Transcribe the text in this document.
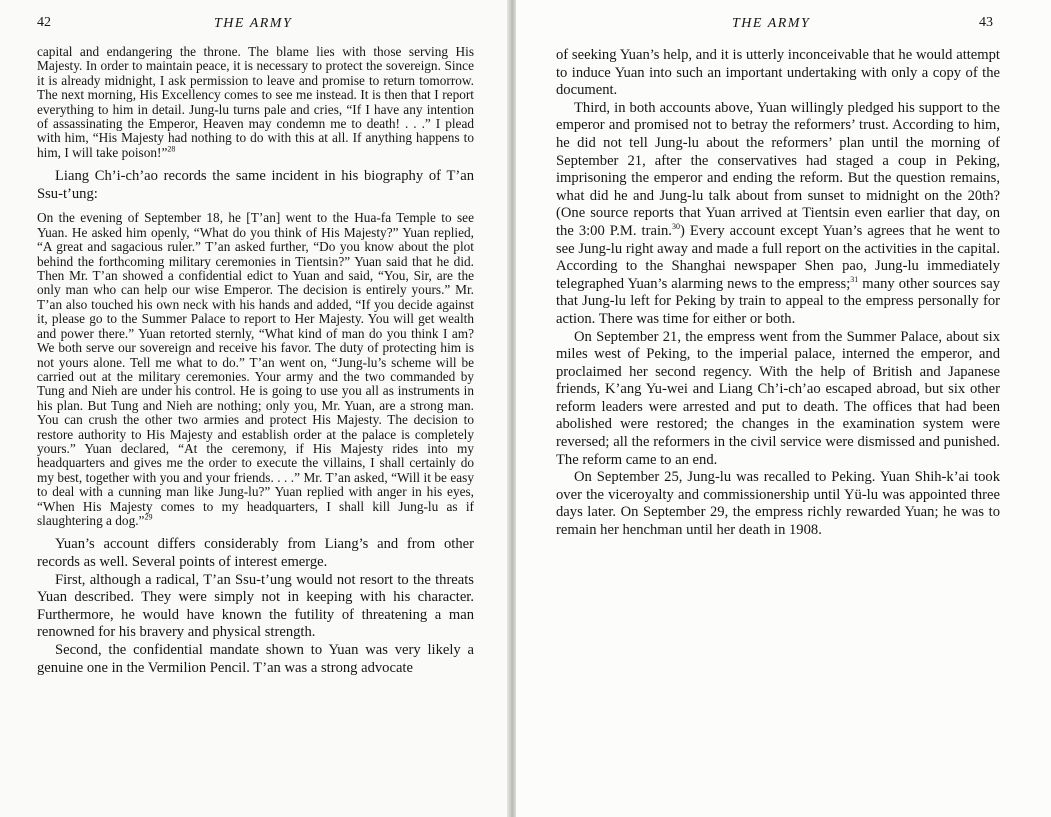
42	THE ARMY

capital and endangering the throne. The blame lies with those serving His Majesty. In order to maintain peace, it is necessary to protect the sovereign. Since it is already midnight, I ask permission to leave and promise to return tomorrow. The next morning, His Excellency comes to see me instead. It is then that I report everything to him in detail. Jung-lu turns pale and cries, “If I have any intention of assassinating the Emperor, Heaven may condemn me to death! . . .” I plead with him, “His Majesty had nothing to do with this at all. If anything happens to him, I will take poison!”$^{28}$

Liang Ch’i-ch’ao records the same incident in his biography of T’an Ssu-t’ung:

On the evening of September 18, he [T’an] went to the Hua-fa Temple to see Yuan. He asked him openly, “What do you think of His Majesty?” Yuan replied, “A great and sagacious ruler.” T’an asked further, “Do you know about the plot behind the forthcoming military ceremonies in Tientsin?” Yuan said that he did. Then Mr. T’an showed a confidential edict to Yuan and said, “You, Sir, are the only man who can help our wise Emperor. The decision is entirely yours.” Mr. T’an also touched his own neck with his hands and added, “If you decide against it, please go to the Summer Palace to report to Her Majesty. You will get wealth and power there.” Yuan retorted sternly, “What kind of man do you think I am? We both serve our sovereign and receive his favor. The duty of protecting him is not yours alone. Tell me what to do.” T’an went on, “Jung-lu’s scheme will be carried out at the military ceremonies. Your army and the two commanded by Tung and Nieh are under his control. He is going to use you all as instruments in his plan. But Tung and Nieh are nothing; only you, Mr. Yuan, are a strong man. You can crush the other two armies and protect His Majesty. The decision to restore authority to His Majesty and establish order at the palace is completely yours.” Yuan declared, “At the ceremony, if His Majesty rides into my headquarters and gives me the order to execute the villains, I shall certainly do my best, together with you and your friends. . . .” Mr. T’an asked, “Will it be easy to deal with a cunning man like Jung-lu?” Yuan replied with anger in his eyes, “When His Majesty comes to my headquarters, I shall kill Jung-lu as if slaughtering a dog.”$^{29}$

Yuan’s account differs considerably from Liang’s and from other records as well. Several points of interest emerge.

First, although a radical, T’an Ssu-t’ung would not resort to the threats Yuan described. They were simply not in keeping with his character. Furthermore, he would have known the futility of threatening a man renowned for his bravery and physical strength.

Second, the confidential mandate shown to Yuan was very likely a genuine one in the Vermilion Pencil. T’an was a strong advocate

THE ARMY	43

of seeking Yuan’s help, and it is utterly inconceivable that he would attempt to induce Yuan into such an important undertaking with only a copy of the document.

Third, in both accounts above, Yuan willingly pledged his support to the emperor and promised not to betray the reformers’ trust. According to him, he did not tell Jung-lu about the reformers’ plan until the morning of September 21, after the conservatives had staged a coup in Peking, imprisoning the emperor and ending the reform. But the question remains, what did he and Jung-lu talk about from sunset to midnight on the 20th? (One source reports that Yuan arrived at Tientsin even earlier that day, on the 3:00 P.M. train.$^{30}$) Every account except Yuan’s agrees that he went to see Jung-lu right away and made a full report on the activities in the capital. According to the Shanghai newspaper Shen pao, Jung-lu immediately telegraphed Yuan’s alarming news to the empress;$^{31}$ many other sources say that Jung-lu left for Peking by train to appeal to the empress personally for action. There was time for either or both.

On September 21, the empress went from the Summer Palace, about six miles west of Peking, to the imperial palace, interned the emperor, and proclaimed her second regency. With the help of British and Japanese friends, K’ang Yu-wei and Liang Ch’i-ch’ao escaped abroad, but six other reform leaders were arrested and put to death. The offices that had been abolished were restored; the changes in the examination system were reversed; all the reformers in the civil service were dismissed and punished. The reform came to an end.

On September 25, Jung-lu was recalled to Peking. Yuan Shih-k’ai took over the viceroyalty and commissionership until Yü-lu was appointed three days later. On September 29, the empress richly rewarded Yuan; he was to remain her henchman until her death in 1908.
